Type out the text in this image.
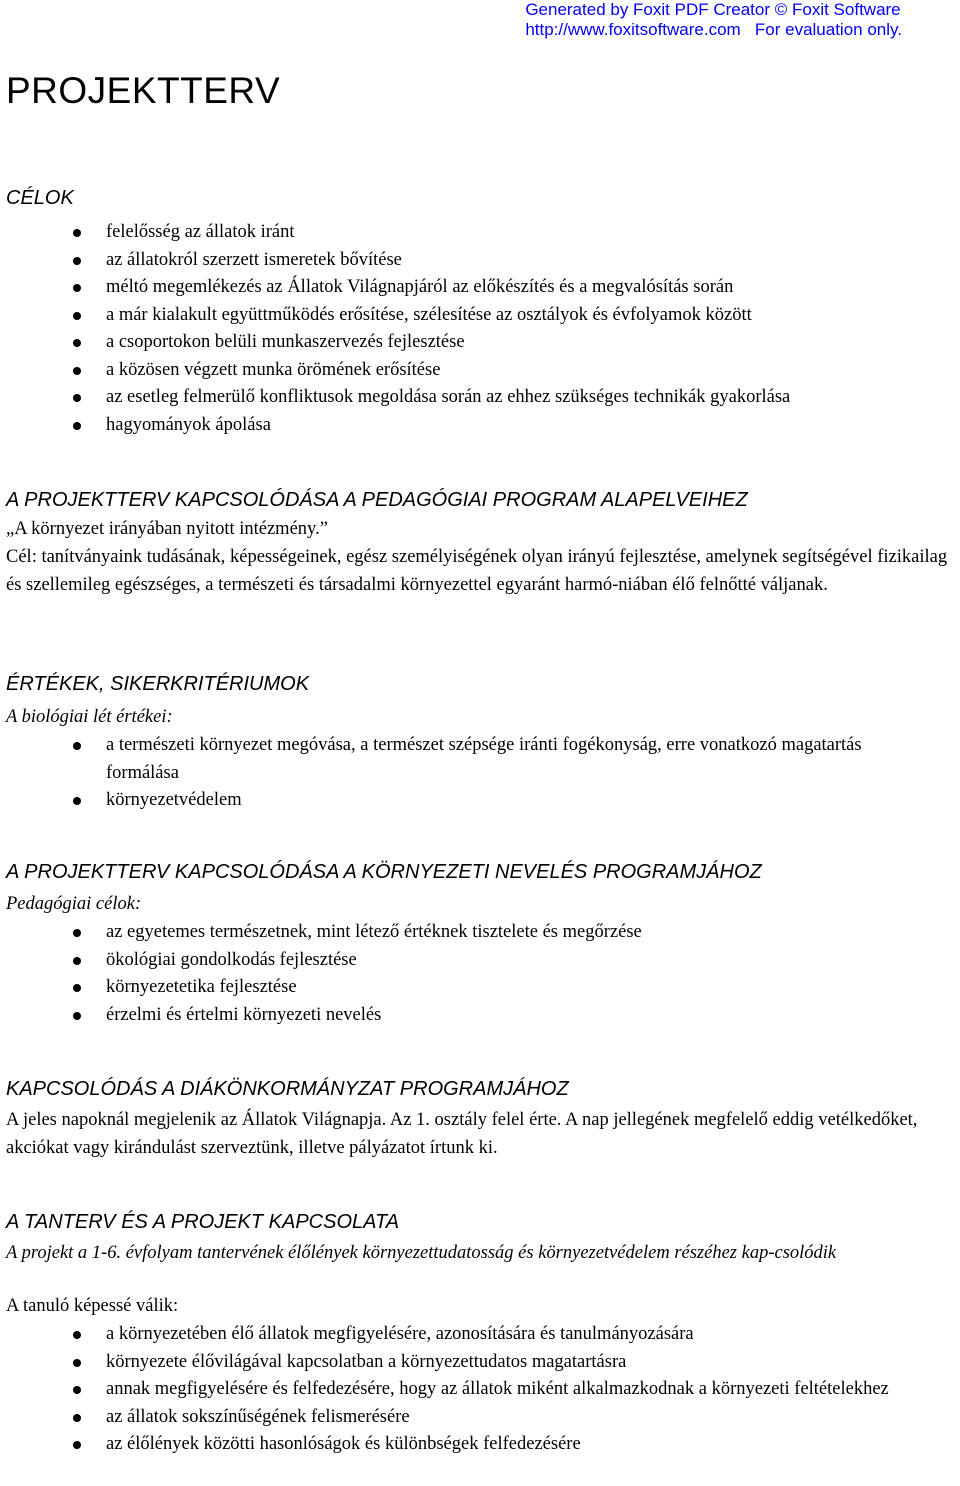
Generated by Foxit PDF Creator © Foxit Software
http://www.foxitsoftware.com   For evaluation only.
PROJEKTTERV
CÉLOK
felelősség az állatok iránt
az állatokról szerzett ismeretek bővítése
méltó megemlékezés az Állatok Világnapjáról az előkészítés és a megvalósítás során
a már kialakult együttműködés erősítése, szélesítése az osztályok és évfolyamok között
a csoportokon belüli munkaszervezés fejlesztése
a közösen végzett munka örömének erősítése
az esetleg felmerülő konfliktusok megoldása során az ehhez szükséges technikák gyakorlása
hagyományok ápolása
A PROJEKTTERV KAPCSOLÓDÁSA A PEDAGÓGIAI PROGRAM ALAPELVEIHEZ

„A környezet irányában nyitott intézmény.”

Cél: tanítványaink tudásának, képességeinek, egész személyiségének olyan irányú fejlesztése, amelynek segítségével fizikailag és szellemileg egészséges, a természeti és társadalmi környezettel egyaránt harmó-niában élő felnőtté váljanak.

ÉRTÉKEK, SIKERKRITÉRIUMOK

A biológiai lét értékei:

a természeti környezet megóvása, a természet szépsége iránti fogékonyság, erre vonatkozó magatartás formálása
környezetvédelem
A PROJEKTTERV KAPCSOLÓDÁSA A KÖRNYEZETI NEVELÉS PROGRAMJÁHOZ

Pedagógiai célok:

az egyetemes természetnek, mint létező értéknek tisztelete és megőrzése
ökológiai gondolkodás fejlesztése
környezetetika fejlesztése
érzelmi és értelmi környezeti nevelés
KAPCSOLÓDÁS A DIÁKÖNKORMÁNYZAT PROGRAMJÁHOZ

A jeles napoknál megjelenik az Állatok Világnapja. Az 1. osztály felel érte. A nap jellegének megfelelő eddig vetélkedőket, akciókat vagy kirándulást szerveztünk, illetve pályázatot írtunk ki.

A TANTERV ÉS A PROJEKT KAPCSOLATA

A projekt a 1-6. évfolyam tantervének élőlények környezettudatosság és környezetvédelem részéhez kap-csolódik

A tanuló képessé válik:

a környezetében élő állatok megfigyelésére, azonosítására és tanulmányozására
környezete élővilágával kapcsolatban a környezettudatos magatartásra
annak megfigyelésére és felfedezésére, hogy az állatok miként alkalmazkodnak a környezeti feltételekhez
az állatok sokszínűségének felismerésére
az élőlények közötti hasonlóságok és különbségek felfedezésére
